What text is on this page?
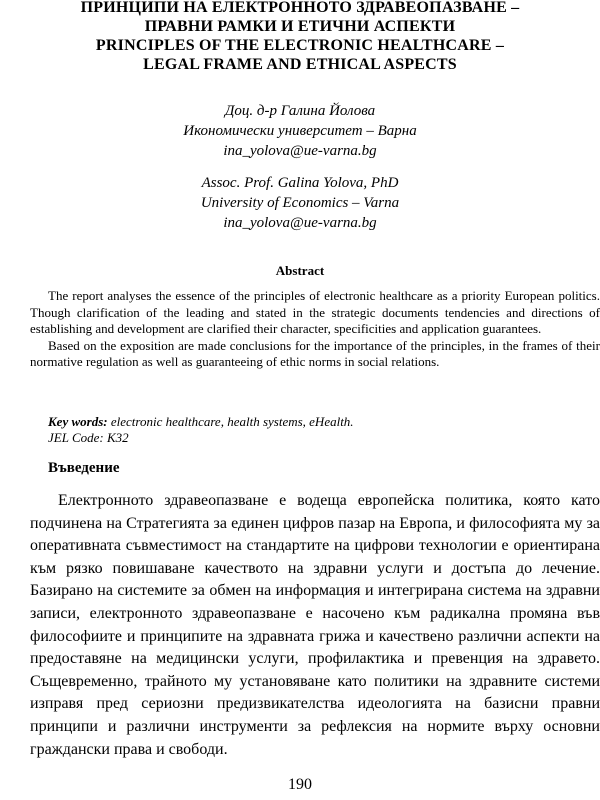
ПРИНЦИПИ НА ЕЛЕКТРОННОТО ЗДРАВЕОПАЗВАНЕ –
ПРАВНИ РАМКИ И ЕТИЧНИ АСПЕКТИ
PRINCIPLES OF THE ELECTRONIC HEALTHCARE –
LEGAL FRAME AND ETHICAL ASPECTS
Доц. д-р Галина Йолова
Икономически университет – Варна
ina_yolova@ue-varna.bg
Assoc. Prof. Galina Yolova, PhD
University of Economics – Varna
ina_yolova@ue-varna.bg
Abstract

The report analyses the essence of the principles of electronic healthcare as a priority European politics. Though clarification of the leading and stated in the strategic documents tendencies and directions of establishing and development are clarified their character, specificities and application guarantees.

Based on the exposition are made conclusions for the importance of the principles, in the frames of their normative regulation as well as guaranteeing of ethic norms in social relations.

Key words: electronic healthcare, health systems, eHealth.
JEL Code: K32
Въведение

Електронното здравеопазване е водеща европейска политика, която като подчинена на Стратегията за единен цифров пазар на Европа, и философията му за оперативната съвместимост на стандартите на цифрови технологии е ориентирана към рязко повишаване качеството на здравни услуги и достъпа до лечение. Базирано на системите за обмен на информация и интегрирана система на здравни записи, електронното здравеопазване е насочено към радикална промяна във философиите и принципите на здравната грижа и качествено различни аспекти на предоставяне на медицински услуги, профилактика и превенция на здравето. Същевременно, трайното му установяване като политики на здравните системи изправя пред сериозни предизвикателства идеологията на базисни правни принципи и различни инструменти за рефлексия на нормите върху основни граждански права и свободи.

190
